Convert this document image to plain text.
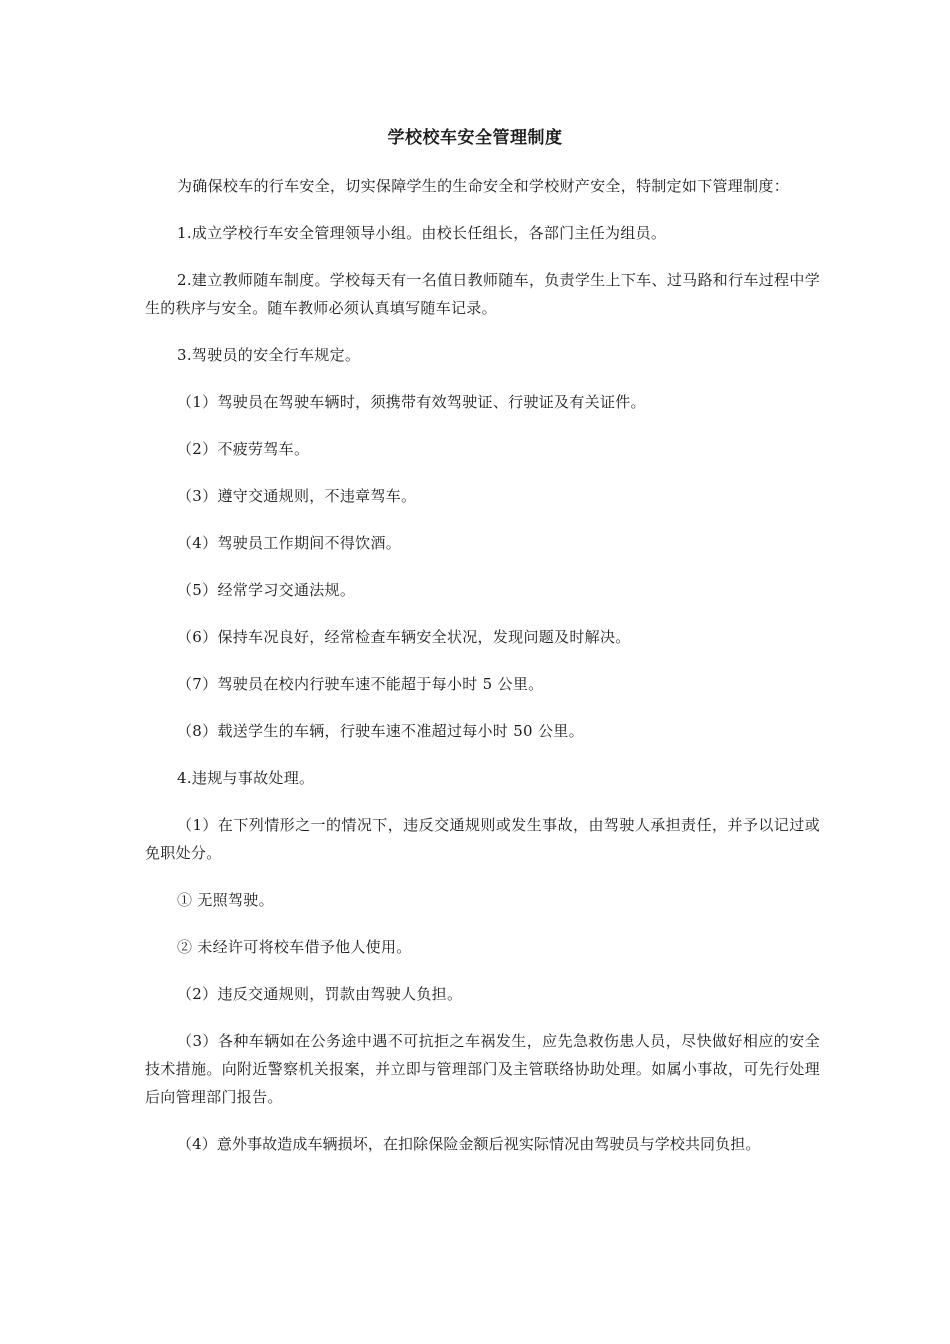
学校校车安全管理制度

为确保校车的行车安全，切实保障学生的生命安全和学校财产安全，特制定如下管理制度：

1.成立学校行车安全管理领导小组。由校长任组长，各部门主任为组员。

2.建立教师随车制度。学校每天有一名值日教师随车，负责学生上下车、过马路和行车过程中学生的秩序与安全。随车教师必须认真填写随车记录。

3.驾驶员的安全行车规定。

（1）驾驶员在驾驶车辆时，须携带有效驾驶证、行驶证及有关证件。

（2）不疲劳驾车。

（3）遵守交通规则，不违章驾车。

（4）驾驶员工作期间不得饮酒。

（5）经常学习交通法规。

（6）保持车况良好，经常检查车辆安全状况，发现问题及时解决。

（7）驾驶员在校内行驶车速不能超于每小时 5 公里。

（8）载送学生的车辆，行驶车速不准超过每小时 50 公里。

4.违规与事故处理。

（1）在下列情形之一的情况下，违反交通规则或发生事故，由驾驶人承担责任，并予以记过或免职处分。

① 无照驾驶。

② 未经许可将校车借予他人使用。

（2）违反交通规则，罚款由驾驶人负担。

（3）各种车辆如在公务途中遇不可抗拒之车祸发生，应先急救伤患人员，尽快做好相应的安全技术措施。向附近警察机关报案，并立即与管理部门及主管联络协助处理。如属小事故，可先行处理后向管理部门报告。

（4）意外事故造成车辆损坏，在扣除保险金额后视实际情况由驾驶员与学校共同负担。
